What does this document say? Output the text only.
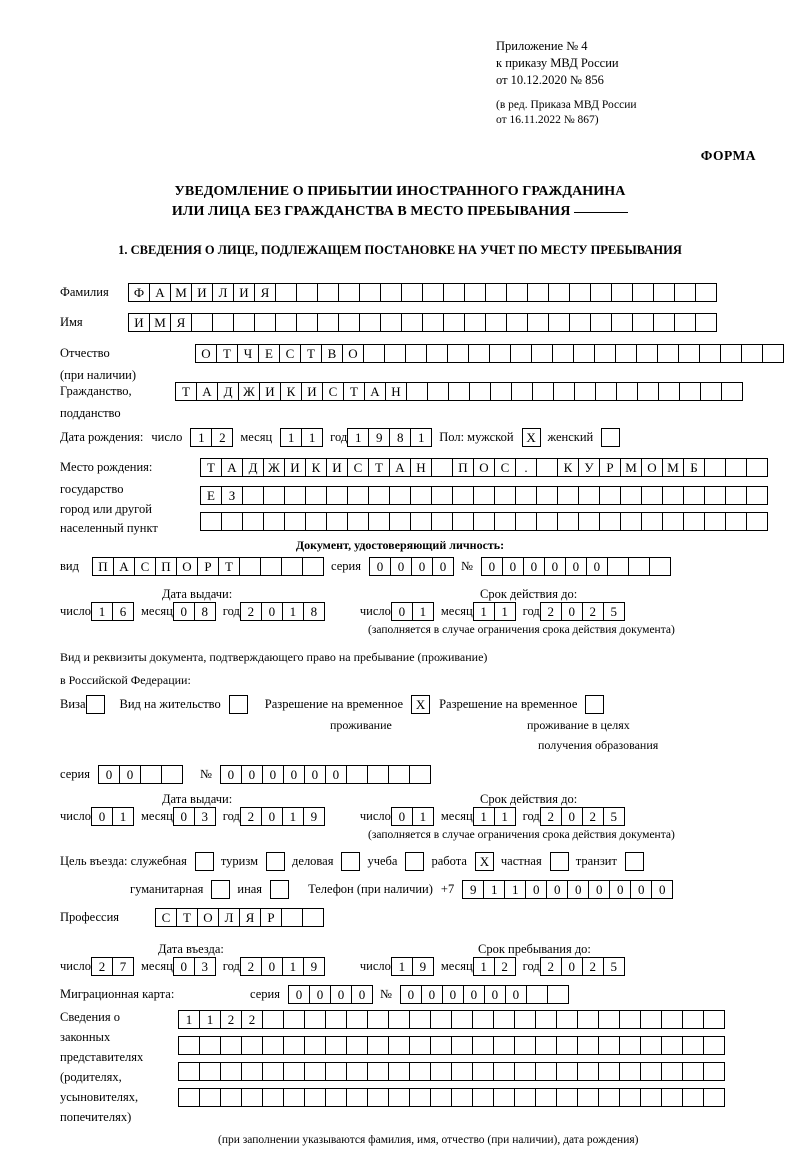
Приложение № 4
к приказу МВД России
от 10.12.2020 № 856
(в ред. Приказа МВД России
от 16.11.2022 № 867)
ФОРМА
УВЕДОМЛЕНИЕ О ПРИБЫТИИ ИНОСТРАННОГО ГРАЖДАНИНА
ИЛИ ЛИЦА БЕЗ ГРАЖДАНСТВА В МЕСТО ПРЕБЫВАНИЯ
1. СВЕДЕНИЯ О ЛИЦЕ, ПОДЛЕЖАЩЕМ ПОСТАНОВКЕ НА УЧЕТ ПО МЕСТУ ПРЕБЫВАНИЯ
Фамилия	Ф А М И Л И Я
Имя	И М Я
Отчество	О Т Ч Е С Т В О
(при наличии)
Гражданство,	Т А Д Ж И К И С Т А Н
подданство
Дата рождения: число	1	2	месяц	1	1	год 1	9	8	1	Пол: мужской X женский
Место рождения:	Т А Д Ж И К И С Т А Н	П О С	.	К У Р М О М Б
государство	Е	З
город или другой
населенный пункт
Документ, удостоверяющий личность:
вид	П А С П О Р	Т	серия	0	0	0	0	№	0	0	0	0	0	0
Дата выдачи:	Срок действия до:
число 1	6	месяц 0	8	год 2	0	1	8	число 0	1	месяц 1	1	год 2	0	2	5
(заполняется в случае ограничения срока действия документа)
Вид и реквизиты документа, подтверждающего право на пребывание (проживание)
в Российской Федерации:
Виза	Вид на жительство	Разрешение на временное X	Разрешение на временное
проживание	проживание в целях
получения образования
серия	0	0	№	0	0	0	0	0	0
Дата выдачи:	Срок действия до:
число 0	1	месяц 0	3	год 2	0	1	9	число 0	1	месяц 1	1	год 2	0	2	5
(заполняется в случае ограничения срока действия документа)
Цель въезда: служебная	туризм	деловая	учеба	работа X частная	транзит
гуманитарная	иная	Телефон (при наличии) +7	9	1	1	0	0	0	0	0	0	0
Профессия	С Т О Л Я	Р
Дата въезда:	Срок пребывания до:
число 2	7	месяц 0	3	год 2	0	1	9	число 1	9	месяц 1	2	год 2	0	2	5
Миграционная карта:	серия	0	0	0	0	№	0	0	0	0	0	0
Сведения о
законных
представителях
(родителях,
усыновителях,
попечителях)
1	1	2	2
(при заполнении указываются фамилия, имя, отчество (при наличии), дата рождения)
